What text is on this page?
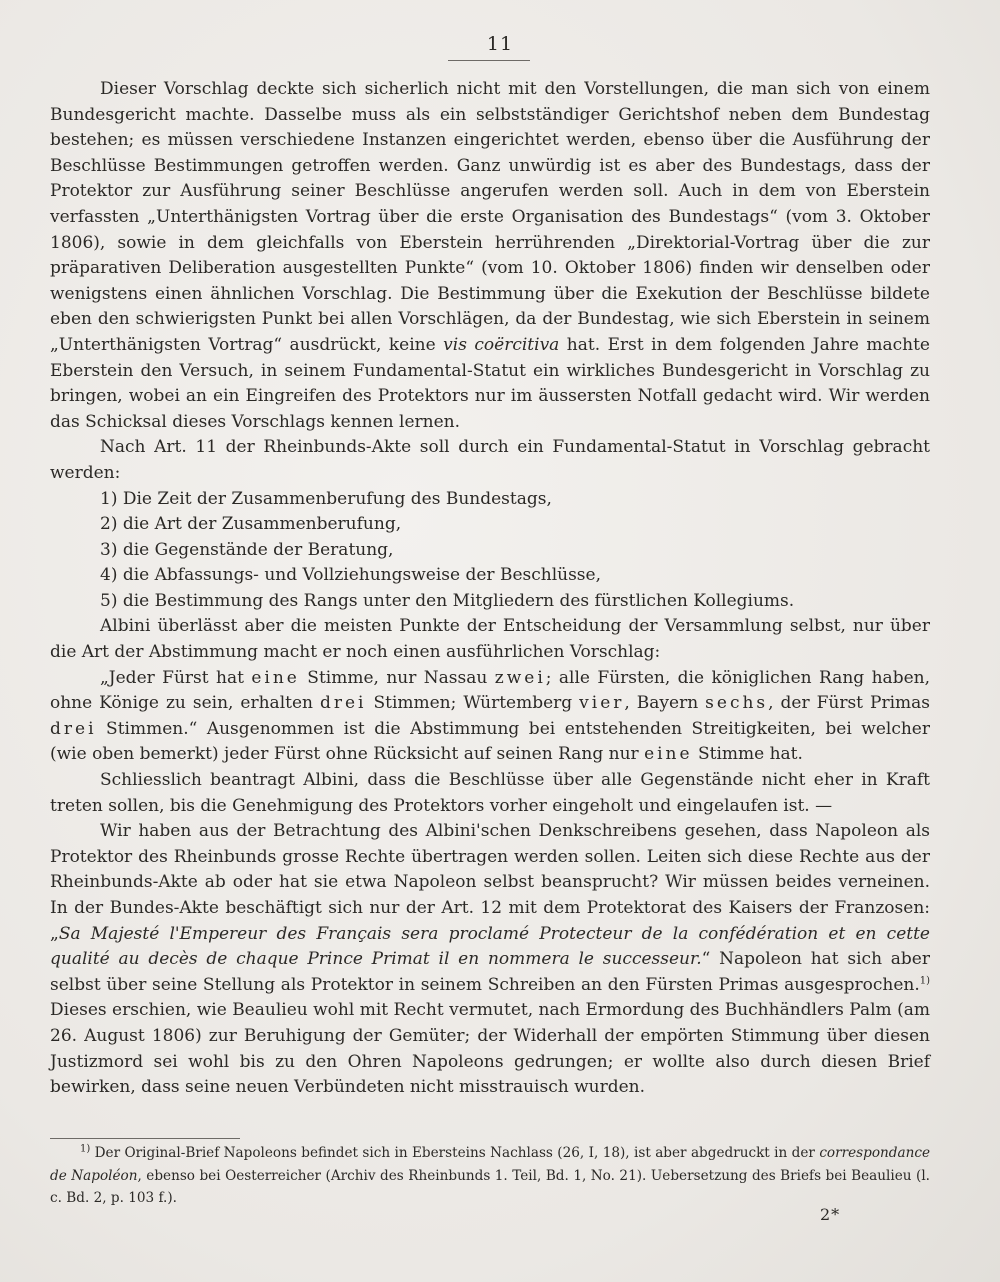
11

Dieser Vorschlag deckte sich sicherlich nicht mit den Vorstellungen, die man sich von einem Bundesgericht machte. Dasselbe muss als ein selbstständiger Gerichtshof neben dem Bundestag bestehen; es müssen verschiedene Instanzen eingerichtet werden, ebenso über die Ausführung der Beschlüsse Bestimmungen getroffen werden. Ganz unwürdig ist es aber des Bundestags, dass der Protektor zur Ausführung seiner Beschlüsse angerufen werden soll. Auch in dem von Eberstein verfassten „Unterthänigsten Vortrag über die erste Organisation des Bundestags“ (vom 3. Oktober 1806), sowie in dem gleichfalls von Eberstein herrührenden „Direktorial-Vortrag über die zur präparativen Deliberation ausgestellten Punkte“ (vom 10. Oktober 1806) finden wir denselben oder wenigstens einen ähnlichen Vorschlag. Die Bestimmung über die Exekution der Beschlüsse bildete eben den schwierigsten Punkt bei allen Vorschlägen, da der Bundestag, wie sich Eberstein in seinem „Unterthänigsten Vortrag“ ausdrückt, keine vis coërcitiva hat. Erst in dem folgenden Jahre machte Eberstein den Versuch, in seinem Fundamental-Statut ein wirkliches Bundesgericht in Vorschlag zu bringen, wobei an ein Eingreifen des Protektors nur im äussersten Notfall gedacht wird. Wir werden das Schicksal dieses Vorschlags kennen lernen.

Nach Art. 11 der Rheinbunds-Akte soll durch ein Fundamental-Statut in Vorschlag gebracht werden:

1) Die Zeit der Zusammenberufung des Bundestags,
2) die Art der Zusammenberufung,
3) die Gegenstände der Beratung,
4) die Abfassungs- und Vollziehungsweise der Beschlüsse,
5) die Bestimmung des Rangs unter den Mitgliedern des fürstlichen Kollegiums.

Albini überlässt aber die meisten Punkte der Entscheidung der Versammlung selbst, nur über die Art der Abstimmung macht er noch einen ausführlichen Vorschlag:

„Jeder Fürst hat eine Stimme, nur Nassau zwei; alle Fürsten, die königlichen Rang haben, ohne Könige zu sein, erhalten drei Stimmen; Würtemberg vier, Bayern sechs, der Fürst Primas drei Stimmen.“ Ausgenommen ist die Abstimmung bei entstehenden Streitigkeiten, bei welcher (wie oben bemerkt) jeder Fürst ohne Rücksicht auf seinen Rang nur eine Stimme hat.

Schliesslich beantragt Albini, dass die Beschlüsse über alle Gegenstände nicht eher in Kraft treten sollen, bis die Genehmigung des Protektors vorher eingeholt und eingelaufen ist. —

Wir haben aus der Betrachtung des Albini'schen Denkschreibens gesehen, dass Napoleon als Protektor des Rheinbunds grosse Rechte übertragen werden sollen. Leiten sich diese Rechte aus der Rheinbunds-Akte ab oder hat sie etwa Napoleon selbst beansprucht? Wir müssen beides verneinen. In der Bundes-Akte beschäftigt sich nur der Art. 12 mit dem Protektorat des Kaisers der Franzosen: „Sa Majesté l'Empereur des Français sera proclamé Protecteur de la confédération et en cette qualité au decès de chaque Prince Primat il en nommera le successeur.“ Napoleon hat sich aber selbst über seine Stellung als Protektor in seinem Schreiben an den Fürsten Primas ausgesprochen.$^{1)}$ Dieses erschien, wie Beaulieu wohl mit Recht vermutet, nach Ermordung des Buchhändlers Palm (am 26. August 1806) zur Beruhigung der Gemüter; der Widerhall der empörten Stimmung über diesen Justizmord sei wohl bis zu den Ohren Napoleons gedrungen; er wollte also durch diesen Brief bewirken, dass seine neuen Verbündeten nicht misstrauisch wurden.

$^{1)}$ Der Original-Brief Napoleons befindet sich in Ebersteins Nachlass (26, I, 18), ist aber abgedruckt in der correspondance de Napoléon, ebenso bei Oesterreicher (Archiv des Rheinbunds 1. Teil, Bd. 1, No. 21). Uebersetzung des Briefs bei Beaulieu (l. c. Bd. 2, p. 103 f.).

2*
